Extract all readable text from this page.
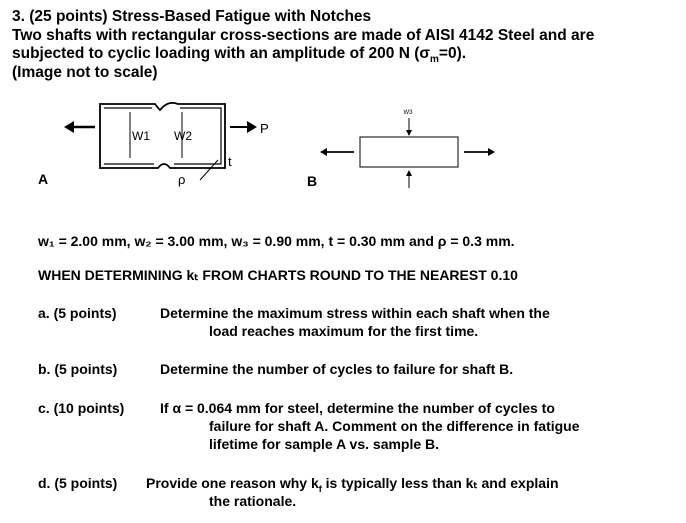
3. (25 points) Stress-Based Fatigue with Notches
Two shafts with rectangular cross-sections are made of AISI 4142 Steel and are
subjected to cyclic loading with an amplitude of 200 N $(\sigma_m=0)$.
(Image not to scale)
P
W1 W2
ρ
t
A
W3
B
w₁ = 2.00 mm, w₂ = 3.00 mm, w₃ = 0.90 mm, t = 0.30 mm and ρ = 0.3 mm.
WHEN DETERMINING kₜ FROM CHARTS ROUND TO THE NEAREST 0.10
a. (5 points)	Determine the maximum stress within each shaft when the
load reaches maximum for the first time.
b. (5 points)	Determine the number of cycles to failure for shaft B.
c. (10 points)	If α = 0.064 mm for steel, determine the number of cycles to
failure for shaft A. Comment on the difference in fatigue
lifetime for sample A vs. sample B.
d. (5 points) Provide one reason why $k_f$ is typically less than kₜ and explain
the rationale.
